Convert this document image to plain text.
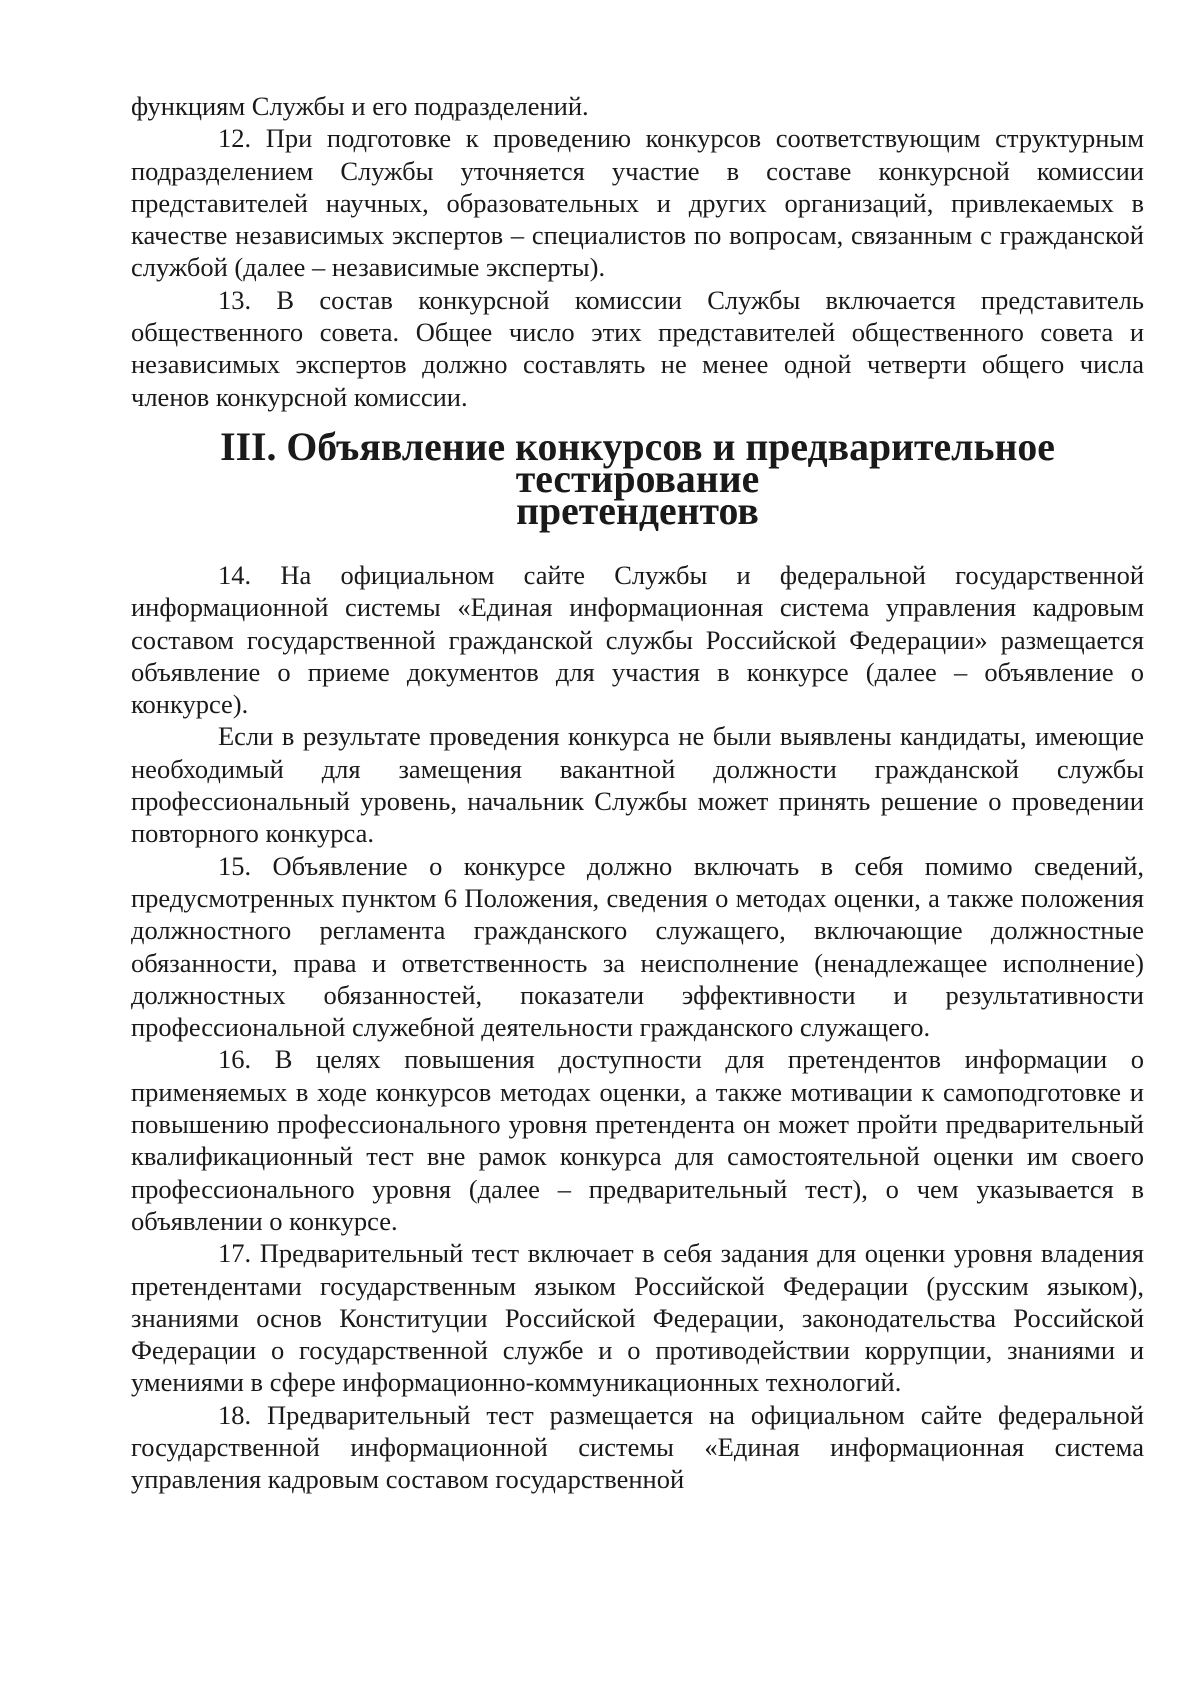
функциям Службы и его подразделений.

12. При подготовке к проведению конкурсов соответствующим структурным подразделением Службы уточняется участие в составе конкурсной комиссии представителей научных, образовательных и других организаций, привлекаемых в качестве независимых экспертов – специалистов по вопросам, связанным с гражданской службой (далее – независимые эксперты).

13. В состав конкурсной комиссии Службы включается представитель общественного совета. Общее число этих представителей общественного совета и независимых экспертов должно составлять не менее одной четверти общего числа членов конкурсной комиссии.

III. Объявление конкурсов и предварительное тестирование
претендентов

14. На официальном сайте Службы и федеральной государственной информационной системы «Единая информационная система управления кадровым составом государственной гражданской службы Российской Федерации» размещается объявление о приеме документов для участия в конкурсе (далее – объявление о конкурсе).

Если в результате проведения конкурса не были выявлены кандидаты, имеющие необходимый для замещения вакантной должности гражданской службы профессиональный уровень, начальник Службы может принять решение о проведении повторного конкурса.

15. Объявление о конкурсе должно включать в себя помимо сведений, предусмотренных пунктом 6 Положения, сведения о методах оценки, а также положения должностного регламента гражданского служащего, включающие должностные обязанности, права и ответственность за неисполнение (ненадлежащее исполнение) должностных обязанностей, показатели эффективности и результативности профессиональной служебной деятельности гражданского служащего.

16. В целях повышения доступности для претендентов информации о применяемых в ходе конкурсов методах оценки, а также мотивации к самоподготовке и повышению профессионального уровня претендента он может пройти предварительный квалификационный тест вне рамок конкурса для самостоятельной оценки им своего профессионального уровня (далее – предварительный тест), о чем указывается в объявлении о конкурсе.

17. Предварительный тест включает в себя задания для оценки уровня владения претендентами государственным языком Российской Федерации (русским языком), знаниями основ Конституции Российской Федерации, законодательства Российской Федерации о государственной службе и о противодействии коррупции, знаниями и умениями в сфере информационно-коммуникационных технологий.

18. Предварительный тест размещается на официальном сайте федеральной государственной информационной системы «Единая информационная система управления кадровым составом государственной
